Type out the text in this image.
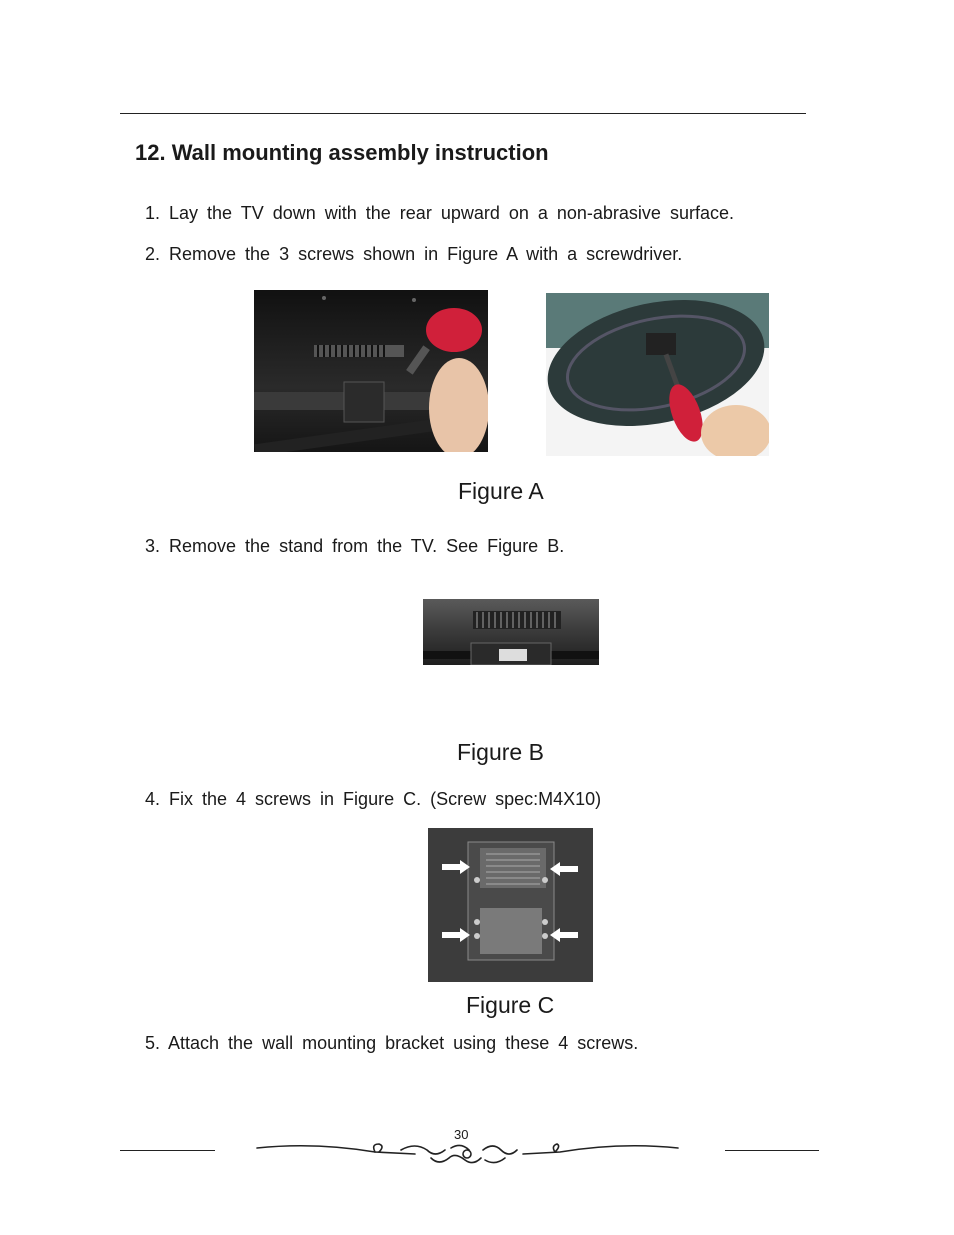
12. Wall mounting assembly instruction
1. Lay the TV down with the rear upward on a non-abrasive surface.
2. Remove the 3 screws shown in Figure A with a screwdriver.
Figure A
3. Remove the stand from the TV. See Figure B.
Figure B
4. Fix the 4 screws in Figure C. (Screw spec:M4X10)
Figure C
5. Attach the wall mounting bracket using these 4 screws.
30
